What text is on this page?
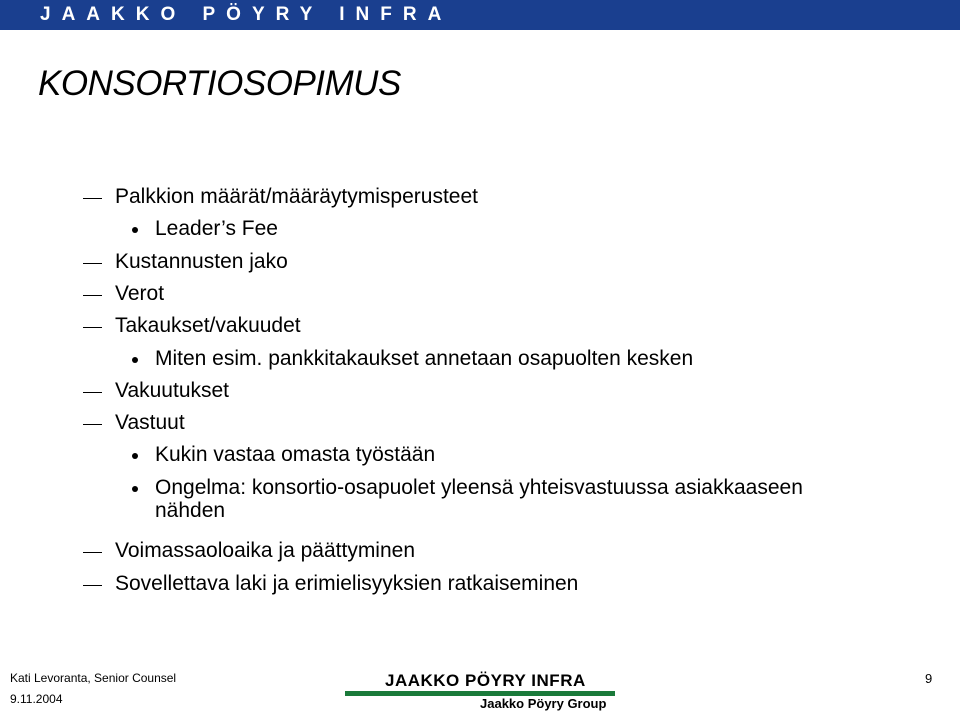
JAAKKO PÖYRY INFRA
KONSORTIOSOPIMUS
Palkkion määrät/määräytymisperusteet
Leader’s Fee
Kustannusten jako
Verot
Takaukset/vakuudet
Miten esim. pankkitakaukset annetaan osapuolten kesken
Vakuutukset
Vastuut
Kukin vastaa omasta työstään
Ongelma: konsortio-osapuolet yleensä yhteisvastuussa asiakkaaseen
nähden
Voimassaoloaika ja päättyminen
Sovellettava laki ja erimielisyyksien ratkaiseminen
Kati Levoranta, Senior Counsel
9.11.2004
JAAKKO PÖYRY INFRA
Jaakko Pöyry Group
9
